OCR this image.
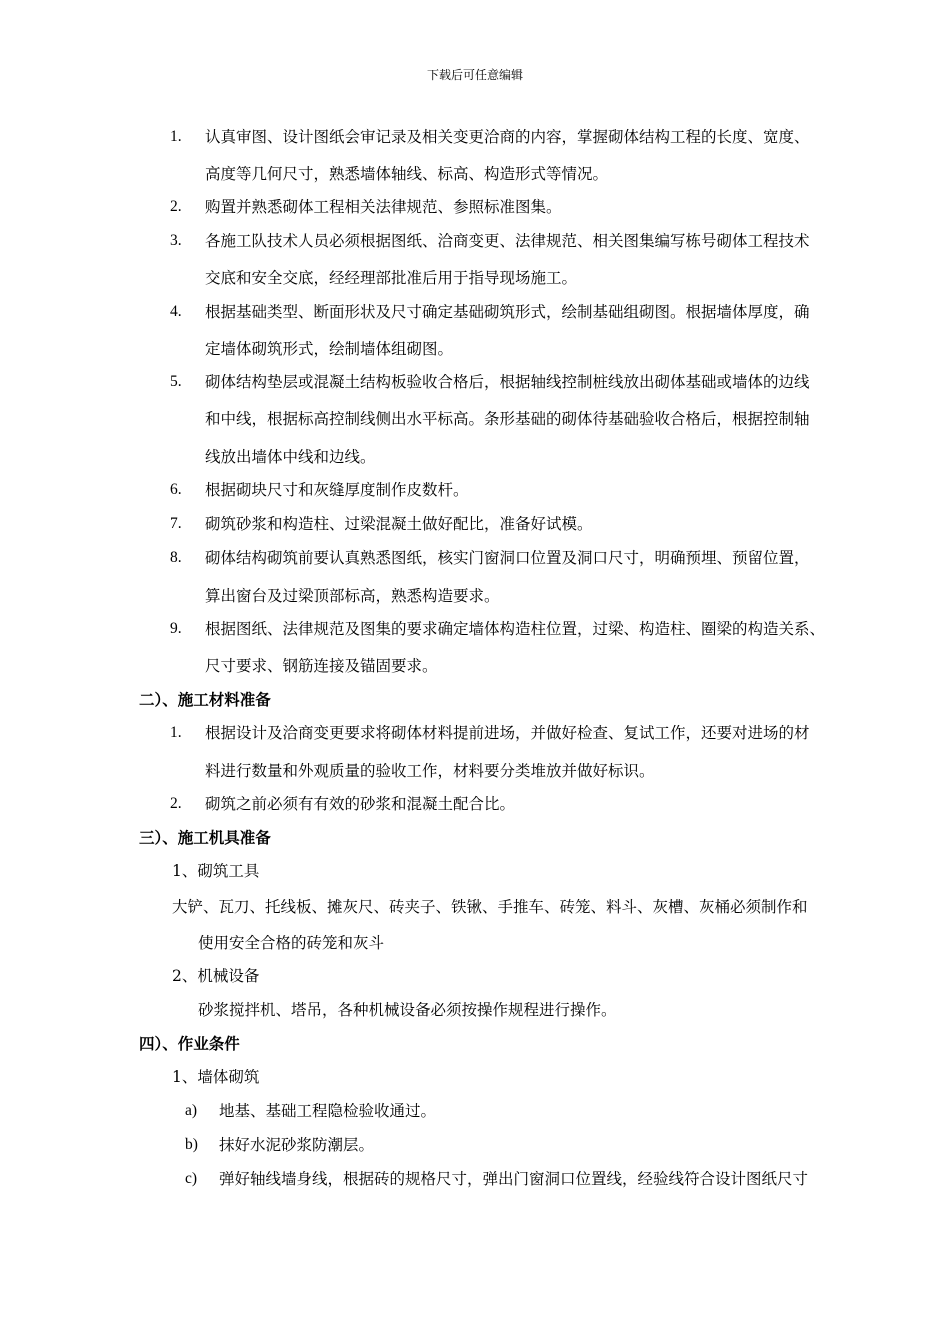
下载后可任意编辑
1. 认真审图、设计图纸会审记录及相关变更洽商的内容，掌握砌体结构工程的长度、宽度、
高度等几何尺寸，熟悉墙体轴线、标高、构造形式等情况。
2. 购置并熟悉砌体工程相关法律规范、参照标准图集。
3. 各施工队技术人员必须根据图纸、洽商变更、法律规范、相关图集编写栋号砌体工程技术
交底和安全交底，经经理部批准后用于指导现场施工。
4. 根据基础类型、断面形状及尺寸确定基础砌筑形式，绘制基础组砌图。根据墙体厚度，确
定墙体砌筑形式，绘制墙体组砌图。
5. 砌体结构垫层或混凝土结构板验收合格后，根据轴线控制桩线放出砌体基础或墙体的边线
和中线，根据标高控制线侧出水平标高。条形基础的砌体待基础验收合格后，根据控制轴
线放出墙体中线和边线。
6. 根据砌块尺寸和灰缝厚度制作皮数杆。
7. 砌筑砂浆和构造柱、过梁混凝土做好配比，准备好试模。
8. 砌体结构砌筑前要认真熟悉图纸，核实门窗洞口位置及洞口尺寸，明确预埋、预留位置，
算出窗台及过梁顶部标高，熟悉构造要求。
9. 根据图纸、法律规范及图集的要求确定墙体构造柱位置，过梁、构造柱、圈梁的构造关系、
尺寸要求、钢筋连接及锚固要求。
二）、施工材料准备
1. 根据设计及洽商变更要求将砌体材料提前进场，并做好检查、复试工作，还要对进场的材
料进行数量和外观质量的验收工作，材料要分类堆放并做好标识。
2. 砌筑之前必须有有效的砂浆和混凝土配合比。
三）、施工机具准备
1、砌筑工具
大铲、瓦刀、托线板、摊灰尺、砖夹子、铁锹、手推车、砖笼、料斗、灰槽、灰桶必须制作和
使用安全合格的砖笼和灰斗
2、机械设备
砂浆搅拌机、塔吊，各种机械设备必须按操作规程进行操作。
四）、作业条件
1、墙体砌筑
a) 地基、基础工程隐检验收通过。
b) 抹好水泥砂浆防潮层。
c) 弹好轴线墙身线，根据砖的规格尺寸，弹出门窗洞口位置线，经验线符合设计图纸尺寸
